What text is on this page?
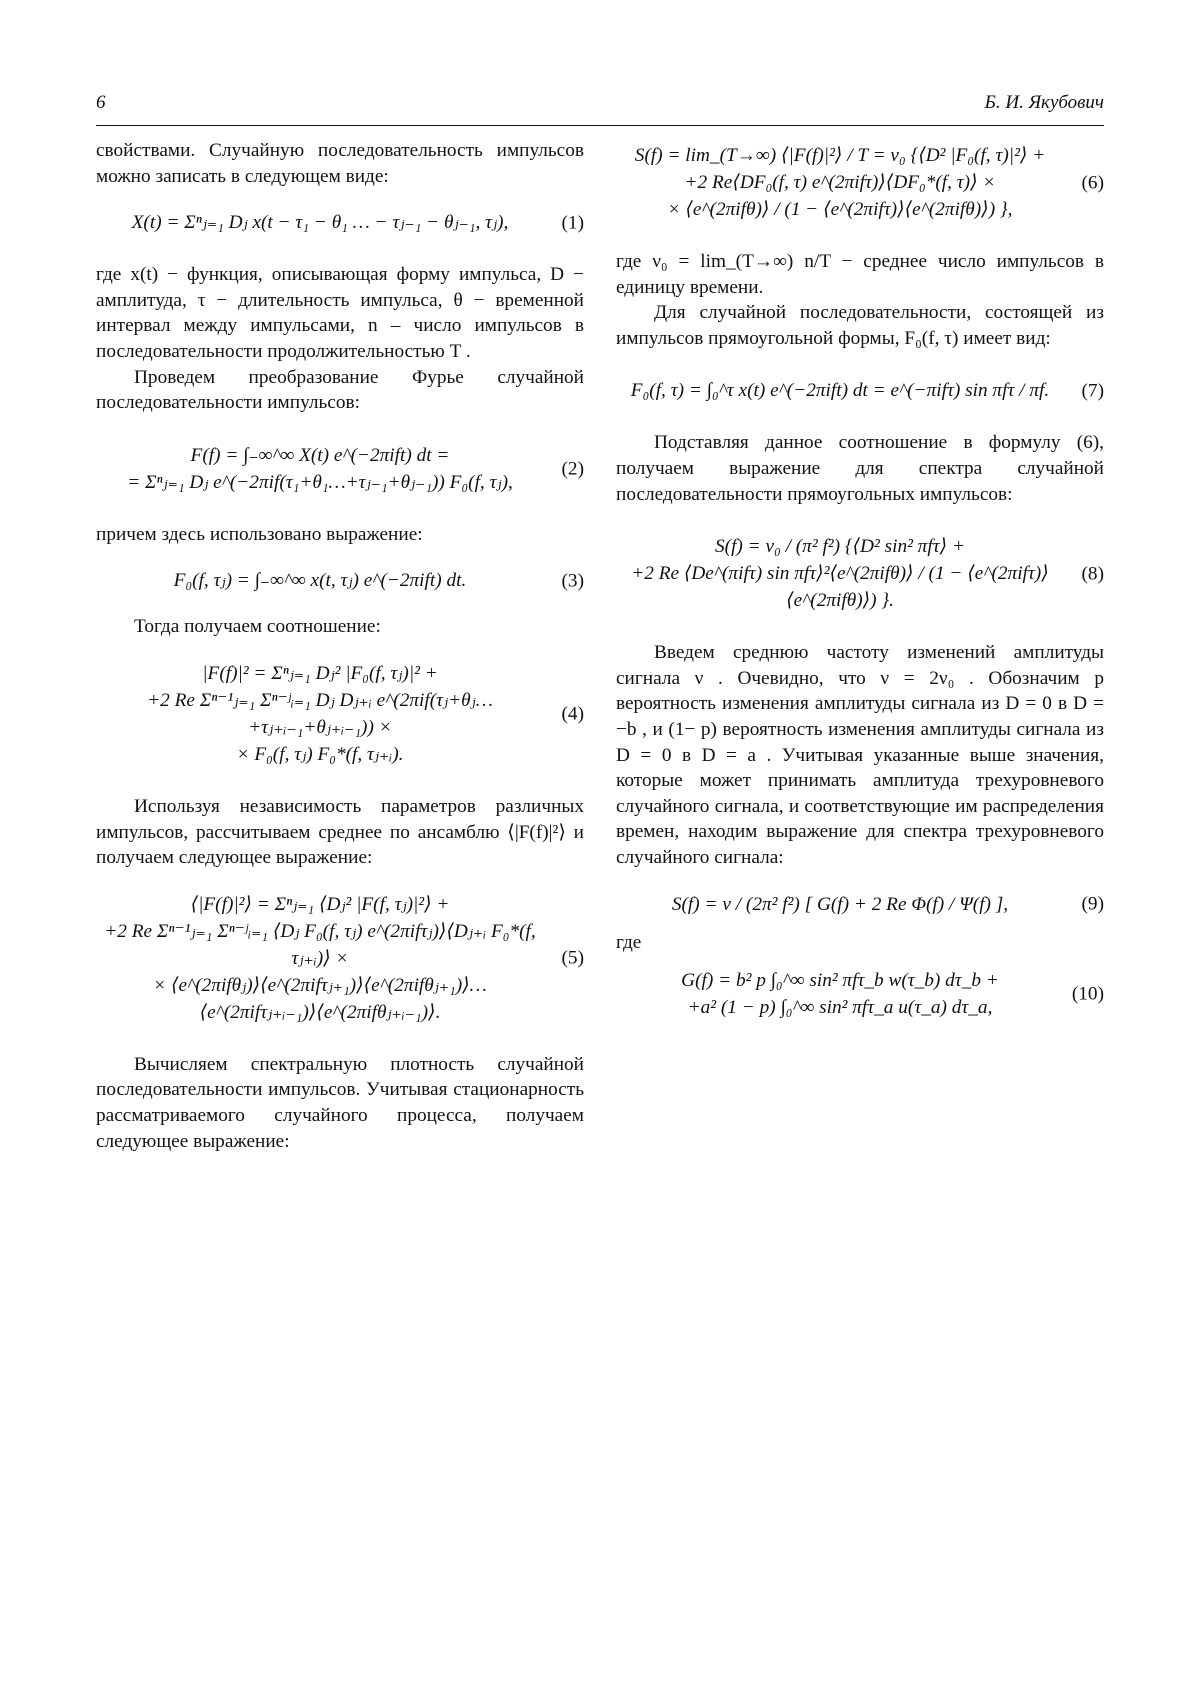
6	Б. И. Якубович

свойствами. Случайную последовательность импульсов можно записать в следующем виде:

X(t) = Σⁿⱼ₌₁ Dⱼ x(t − τ₁ − θ₁ … − τⱼ₋₁ − θⱼ₋₁, τⱼ),	(1)

где x(t) − функция, описывающая форму импульса, D − амплитуда, τ − длительность импульса, θ − временной интервал между импульсами, n – число импульсов в последовательности продолжительностью T .

Проведем преобразование Фурье случайной последовательности импульсов:

F(f) = ∫₋∞^∞ X(t) e^(−2πift) dt =
= Σⁿⱼ₌₁ Dⱼ e^(−2πif(τ₁+θ₁…+τⱼ₋₁+θⱼ₋₁)) F₀(f, τⱼ),
(2)

причем здесь использовано выражение:

F₀(f, τⱼ) = ∫₋∞^∞ x(t, τⱼ) e^(−2πift) dt.	(3)

Тогда получаем соотношение:

|F(f)|² = Σⁿⱼ₌₁ Dⱼ² |F₀(f, τⱼ)|² +
+2 Re Σⁿ⁻¹ⱼ₌₁ Σⁿ⁻ʲᵢ₌₁ Dⱼ Dⱼ₊ᵢ e^(2πif(τⱼ+θⱼ…+τⱼ₊ᵢ₋₁+θⱼ₊ᵢ₋₁)) ×
× F₀(f, τⱼ) F₀*(f, τⱼ₊ᵢ).
(4)

Используя независимость параметров различных импульсов, рассчитываем среднее по ансамблю ⟨|F(f)|²⟩ и получаем следующее выражение:

⟨|F(f)|²⟩ = Σⁿⱼ₌₁ ⟨Dⱼ² |F(f, τⱼ)|²⟩ +
+2 Re Σⁿ⁻¹ⱼ₌₁ Σⁿ⁻ʲᵢ₌₁ ⟨Dⱼ F₀(f, τⱼ) e^(2πifτⱼ)⟩⟨Dⱼ₊ᵢ F₀*(f, τⱼ₊ᵢ)⟩ ×
× ⟨e^(2πifθⱼ)⟩⟨e^(2πifτⱼ₊₁)⟩⟨e^(2πifθⱼ₊₁)⟩…⟨e^(2πifτⱼ₊ᵢ₋₁)⟩⟨e^(2πifθⱼ₊ᵢ₋₁)⟩.
(5)

Вычисляем спектральную плотность случайной последовательности импульсов. Учитывая стационарность рассматриваемого случайного процесса, получаем следующее выражение:

S(f) = lim_(T→∞) ⟨|F(f)|²⟩ / T = ν₀ {⟨D² |F₀(f, τ)|²⟩ +
+2 Re⟨DF₀(f, τ) e^(2πifτ)⟩⟨DF₀*(f, τ)⟩ ×
× ⟨e^(2πifθ)⟩ / (1 − ⟨e^(2πifτ)⟩⟨e^(2πifθ)⟩) },
(6)

где ν₀ = lim_(T→∞) n/T − среднее число импульсов в единицу времени.

Для случайной последовательности, состоящей из импульсов прямоугольной формы, F₀(f, τ) имеет вид:

F₀(f, τ) = ∫₀^τ x(t) e^(−2πift) dt = e^(−πifτ) sin πfτ / πf.	(7)

Подставляя данное соотношение в формулу (6), получаем выражение для спектра случайной последовательности прямоугольных импульсов:

S(f) = ν₀ / (π² f²) {⟨D² sin² πfτ⟩ +
+2 Re ⟨De^(πifτ) sin πfτ⟩²⟨e^(2πifθ)⟩ / (1 − ⟨e^(2πifτ)⟩⟨e^(2πifθ)⟩) }.
(8)

Введем среднюю частоту изменений амплитуды сигнала ν . Очевидно, что ν = 2ν₀ . Обозначим p вероятность изменения амплитуды сигнала из D = 0 в D = −b , и (1− p) вероятность изменения амплитуды сигнала из D = 0 в D = a . Учитывая указанные выше значения, которые может принимать амплитуда трехуровневого случайного сигнала, и соответствующие им распределения времен, находим выражение для спектра трехуровневого случайного сигнала:

S(f) = ν / (2π² f²) [ G(f) + 2 Re Φ(f) / Ψ(f) ],	(9)

где

G(f) = b² p ∫₀^∞ sin² πfτ_b w(τ_b) dτ_b +
+a² (1 − p) ∫₀^∞ sin² πfτ_a u(τ_a) dτ_a,
(10)
